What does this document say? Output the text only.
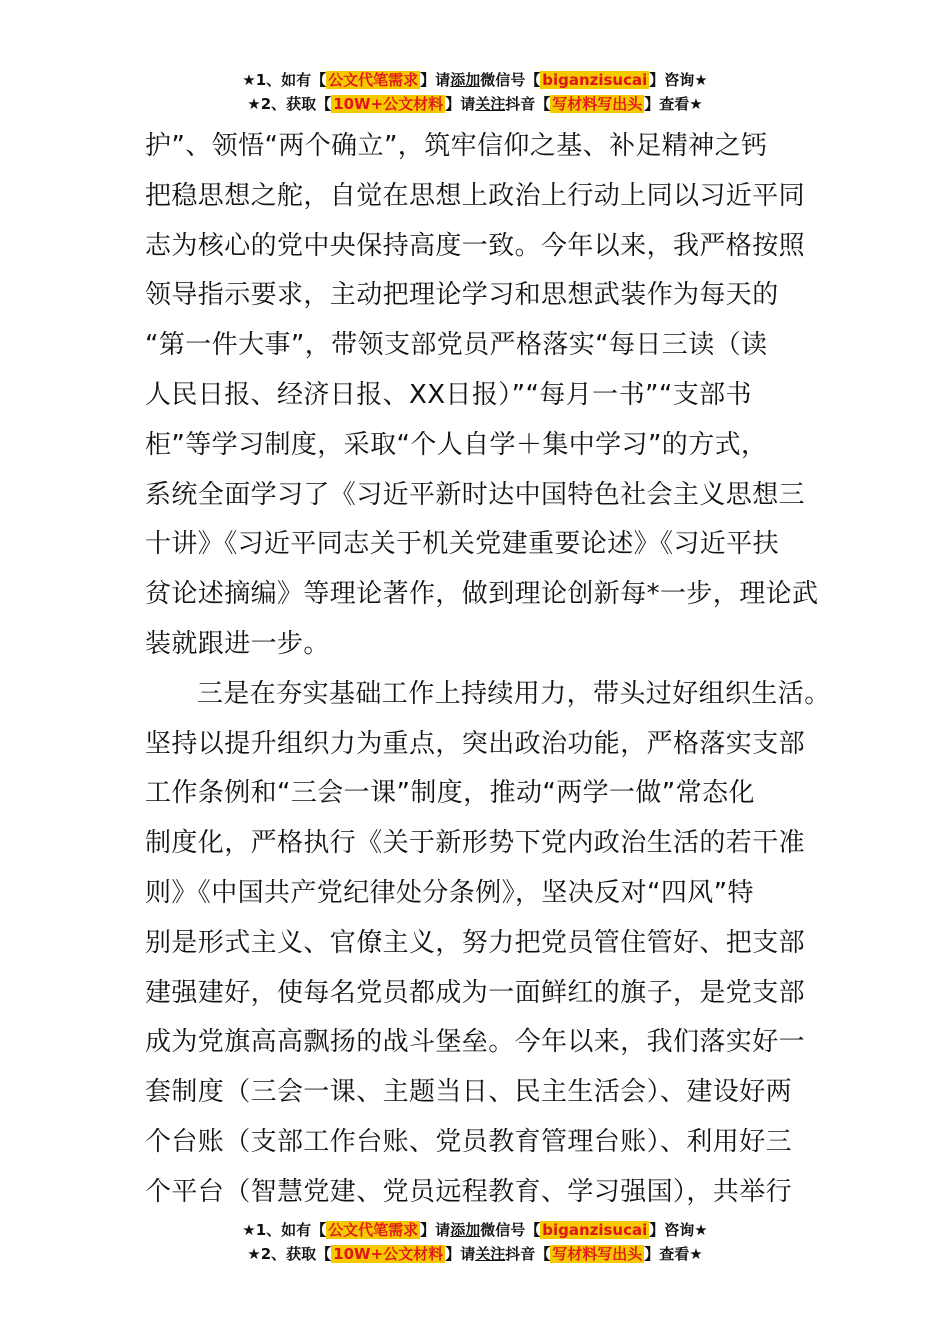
★1、如有【 公文代笔需求 】请添加微信号【 biganzisucai 】咨询★
★2、获取【 10W+公文材料 】请关注抖音【 写材料写出头 】查看★

护”、领悟“两个确立”，筑牢信仰之基、补足精神之钙
把稳思想之舵，自觉在思想上政治上行动上同以习近平同
志为核心的党中央保持高度一致。今年以来，我严格按照
领导指示要求，主动把理论学习和思想武装作为每天的
“第一件大事”，带领支部党员严格落实“每日三读（读
人民日报、经济日报、XX日报）”“每月一书”“支部书
柜”等学习制度，采取“个人自学＋集中学习”的方式，
系统全面学习了《习近平新时达中国特色社会主义思想三
十讲》《习近平同志关于机关党建重要论述》《习近平扶
贫论述摘编》等理论著作，做到理论创新每*一步，理论武
装就跟进一步。

三是在夯实基础工作上持续用力，带头过好组织生活。
坚持以提升组织力为重点，突出政治功能，严格落实支部
工作条例和“三会一课”制度，推动“两学一做”常态化
制度化，严格执行《关于新形势下党内政治生活的若干准
则》《中国共产党纪律处分条例》，坚决反对“四风”特
别是形式主义、官僚主义，努力把党员管住管好、把支部
建强建好，使每名党员都成为一面鲜红的旗子，是党支部
成为党旗高高飘扬的战斗堡垒。今年以来，我们落实好一
套制度（三会一课、主题当日、民主生活会）、建设好两
个台账（支部工作台账、党员教育管理台账）、利用好三
个平台（智慧党建、党员远程教育、学习强国），共举行

★1、如有【 公文代笔需求 】请添加微信号【 biganzisucai 】咨询★
★2、获取【 10W+公文材料 】请关注抖音【 写材料写出头 】查看★
